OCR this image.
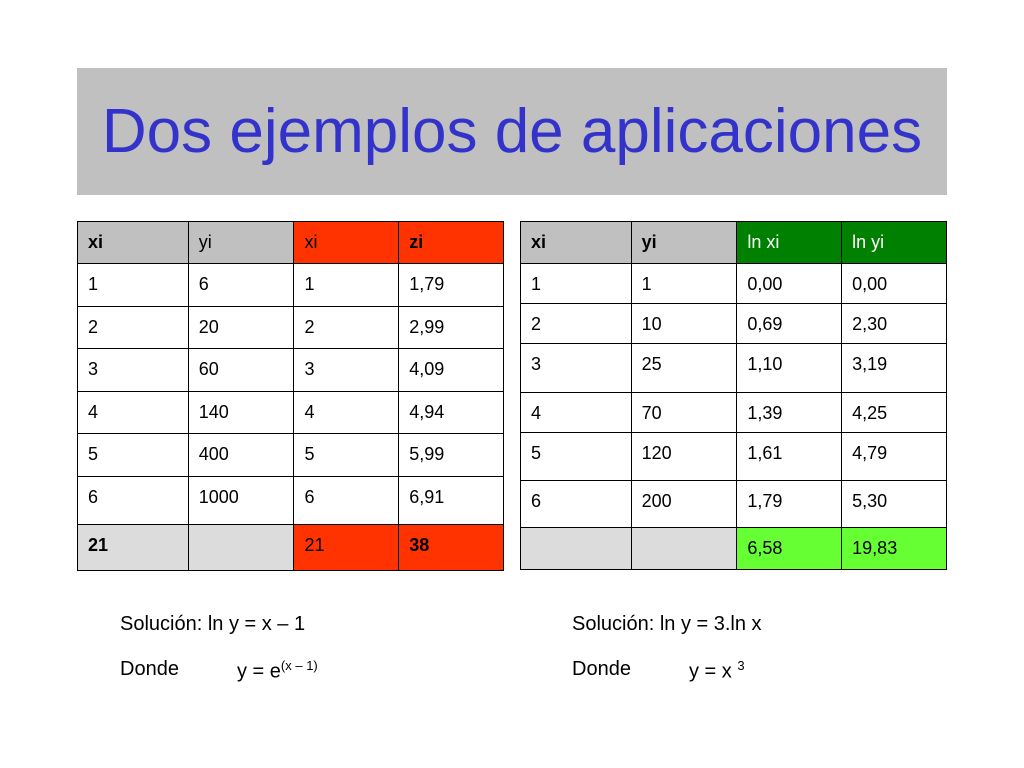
Dos ejemplos de aplicaciones
xi	yi	xi	zi
1	6	1	1,79
2	20	2	2,99
3	60	3	4,09
4	140	4	4,94
5	400	5	5,99
6	1000	6	6,91
21		21	38
xi	yi	ln xi	ln yi
1	1	0,00	0,00
2	10	0,69	2,30
3	25	1,10	3,19
4	70	1,39	4,25
5	120	1,61	4,79
6	200	1,79	5,30
		6,58	19,83
Solución: ln y = x – 1
Donde	$y = e^{(x - 1)}$
Solución: ln y = 3.ln x
Donde	y = x $^3$
